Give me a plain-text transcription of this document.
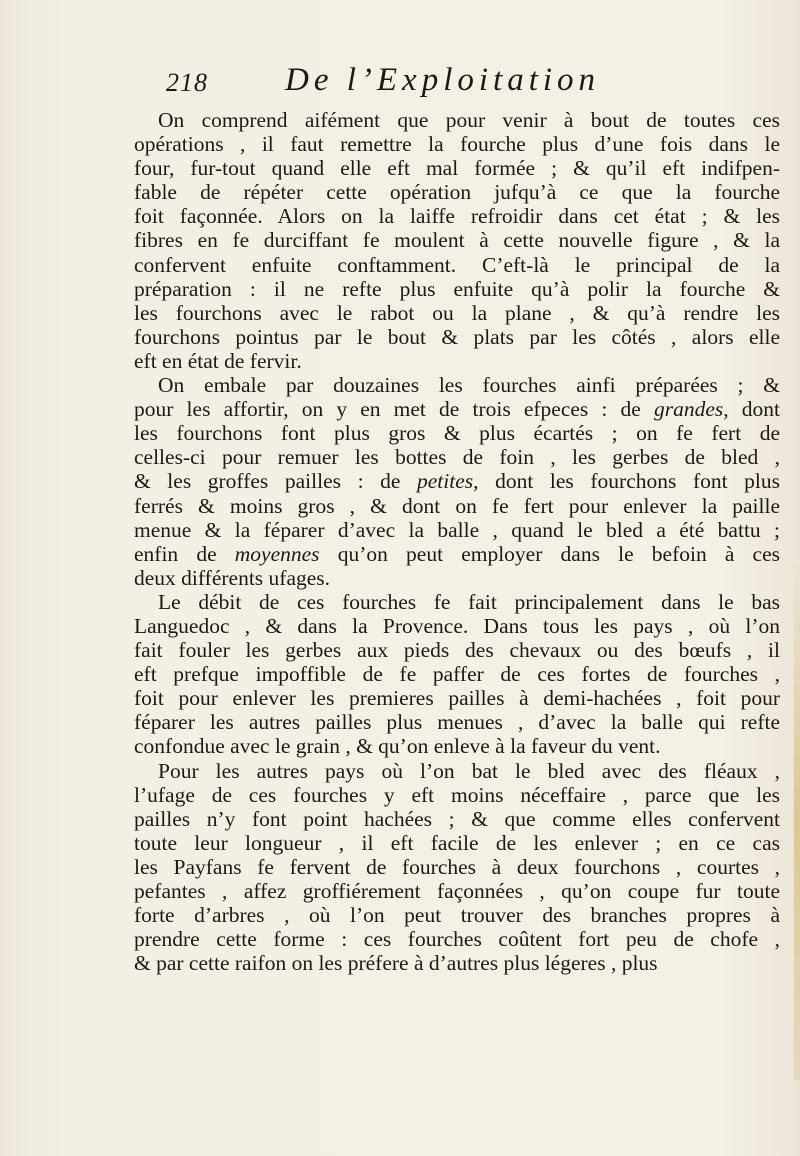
218 De l’Exploitation
On comprend aifément que pour venir à bout de toutes ces
opérations , il faut remettre la fourche plus d’une fois dans le
four, fur-tout quand elle eft mal formée ; & qu’il eft indifpen-
fable de répéter cette opération jufqu’à ce que la fourche
foit façonnée. Alors on la laiffe refroidir dans cet état ; & les
fibres en fe durciffant fe moulent à cette nouvelle figure , & la
confervent enfuite conftamment. C’eft-là le principal de la
préparation : il ne refte plus enfuite qu’à polir la fourche &
les fourchons avec le rabot ou la plane , & qu’à rendre les
fourchons pointus par le bout & plats par les côtés , alors elle
eft en état de fervir.
On embale par douzaines les fourches ainfi préparées ; &
pour les affortir, on y en met de trois efpeces : de grandes, dont
les fourchons font plus gros & plus écartés ; on fe fert de
celles-ci pour remuer les bottes de foin , les gerbes de bled ,
& les groffes pailles : de petites, dont les fourchons font plus
ferrés & moins gros , & dont on fe fert pour enlever la paille
menue & la féparer d’avec la balle , quand le bled a été battu ;
enfin de moyennes qu’on peut employer dans le befoin à ces
deux différents ufages.
Le débit de ces fourches fe fait principalement dans le bas
Languedoc , & dans la Provence. Dans tous les pays , où l’on
fait fouler les gerbes aux pieds des chevaux ou des bœufs , il
eft prefque impoffible de fe paffer de ces fortes de fourches ,
foit pour enlever les premieres pailles à demi-hachées , foit pour
féparer les autres pailles plus menues , d’avec la balle qui refte
confondue avec le grain , & qu’on enleve à la faveur du vent.
Pour les autres pays où l’on bat le bled avec des fléaux ,
l’ufage de ces fourches y eft moins néceffaire , parce que les
pailles n’y font point hachées ; & que comme elles confervent
toute leur longueur , il eft facile de les enlever ; en ce cas
les Payfans fe fervent de fourches à deux fourchons , courtes ,
pefantes , affez groffiérement façonnées , qu’on coupe fur toute
forte d’arbres , où l’on peut trouver des branches propres à
prendre cette forme : ces fourches coûtent fort peu de chofe ,
& par cette raifon on les préfere à d’autres plus légeres , plus
